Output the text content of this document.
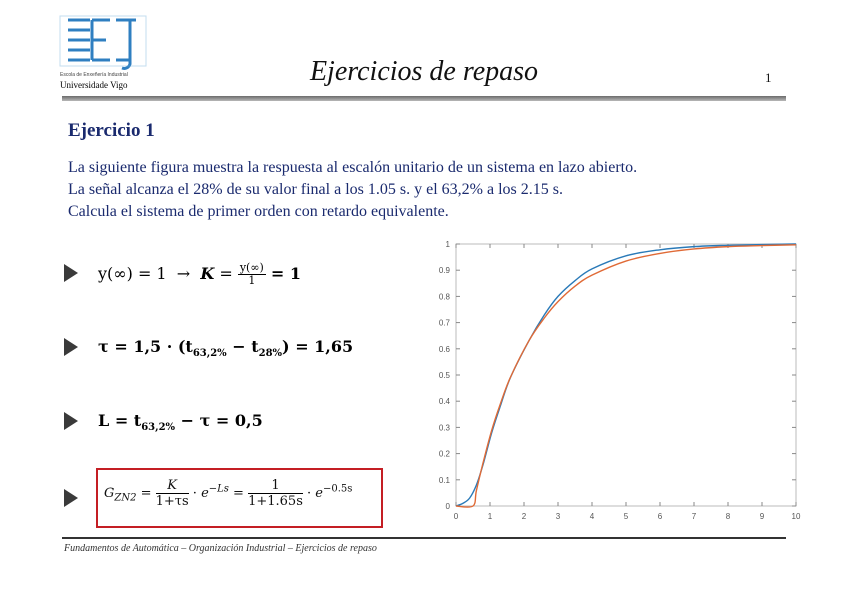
Escola de Enxeñería Industrial
Universidade Vigo	Ejercicios de repaso	1
Ejercicio 1
La siguiente figura muestra la respuesta al escalón unitario de un sistema en lazo abierto.
La señal alcanza el 28% de su valor final a los 1.05 s. y el 63,2% a los 2.15 s.
Calcula el sistema de primer orden con retardo equivalente.
$y(\infty) = 1 \to K = \frac{y(\infty)}{1} = 1$
$\tau = 1,5 \cdot (t_{63,2\%} - t_{28\%}) = 1,65$
$L = t_{63,2\%} - \tau = 0,5$
$G_{ZN2} = \frac{K}{1+\tau s} \cdot e^{-Ls} = \frac{1}{1+1.65s} \cdot e^{-0.5s}$
0	1	2	3	4	5	6	7	8	9	10
0
0.1
0.2
0.3
0.4
0.5
0.6
0.7
0.8
0.9
1
Fundamentos de Automática – Organización Industrial – Ejercicios de repaso
